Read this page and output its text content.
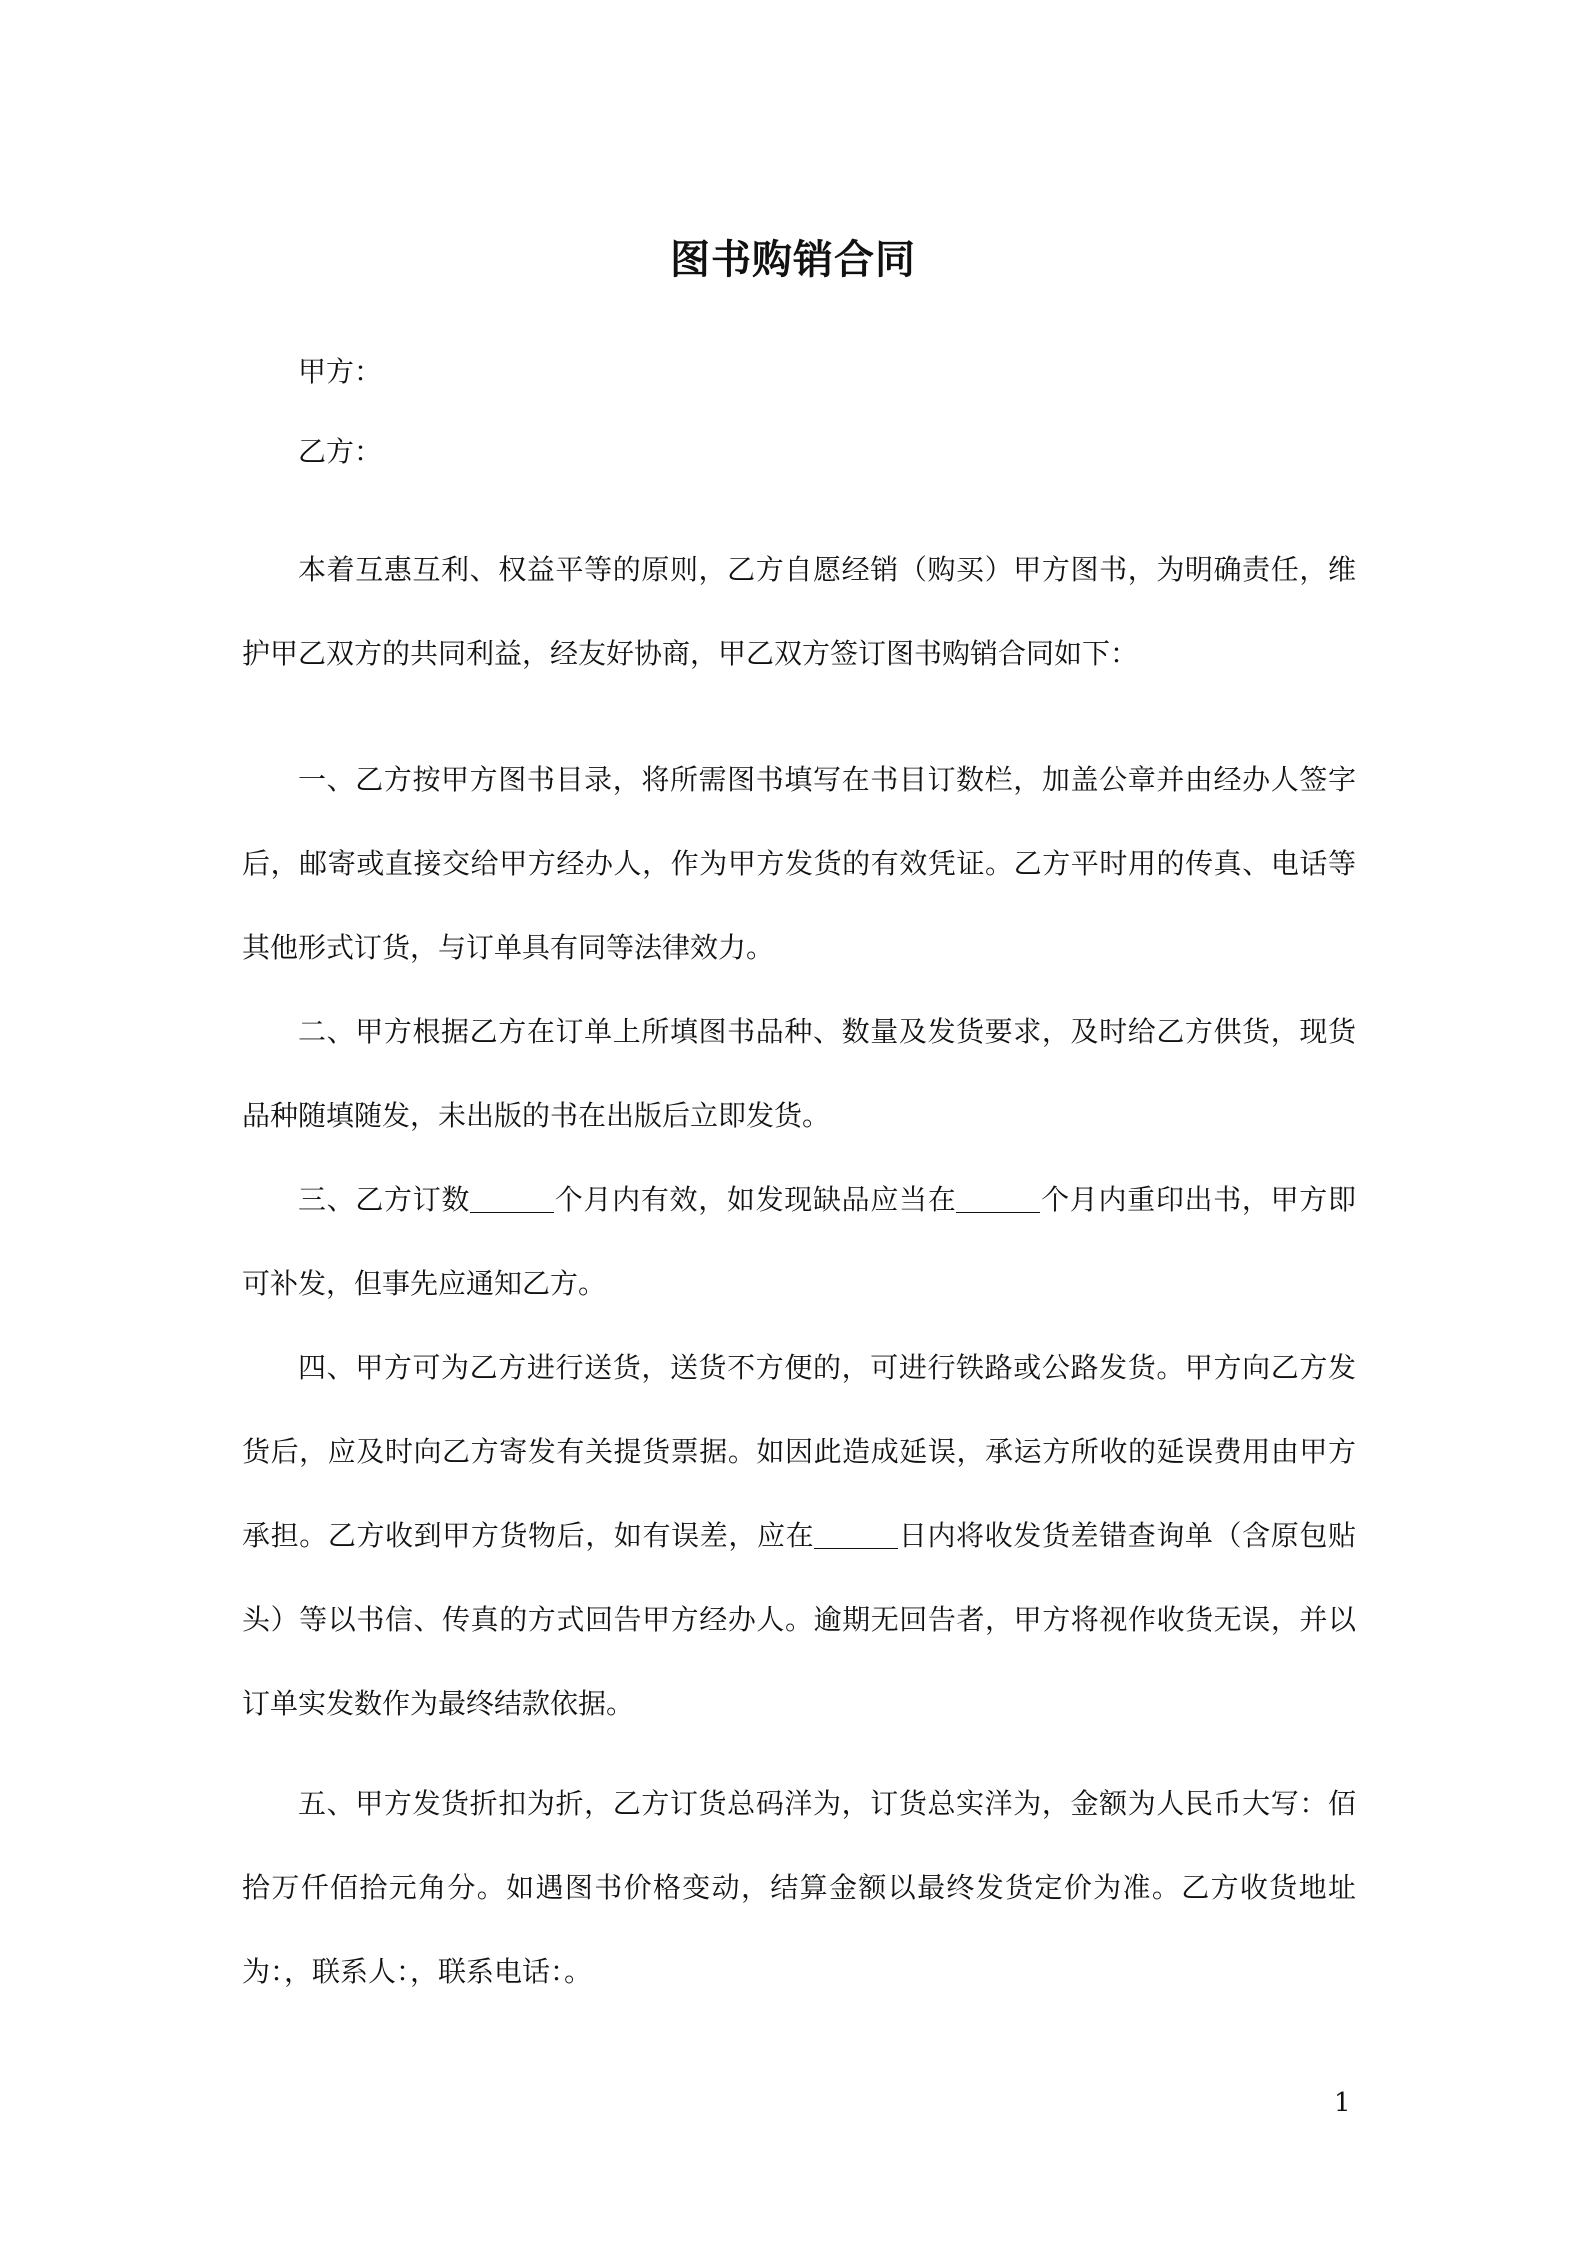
图书购销合同
甲方：
乙方：
本着互惠互利、权益平等的原则，乙方自愿经销（购买）甲方图书，为明确责任，维护甲乙双方的共同利益，经友好协商，甲乙双方签订图书购销合同如下：
一、乙方按甲方图书目录，将所需图书填写在书目订数栏，加盖公章并由经办人签字后，邮寄或直接交给甲方经办人，作为甲方发货的有效凭证。乙方平时用的传真、电话等其他形式订货，与订单具有同等法律效力。
二、甲方根据乙方在订单上所填图书品种、数量及发货要求，及时给乙方供货，现货品种随填随发，未出版的书在出版后立即发货。
三、乙方订数	个月内有效，如发现缺品应当在	个月内重印出书，甲方即可补发，但事先应通知乙方。
四、甲方可为乙方进行送货，送货不方便的，可进行铁路或公路发货。甲方向乙方发货后，应及时向乙方寄发有关提货票据。如因此造成延误，承运方所收的延误费用由甲方承担。乙方收到甲方货物后，如有误差，应在	日内将收发货差错查询单（含原包贴头）等以书信、传真的方式回告甲方经办人。逾期无回告者，甲方将视作收货无误，并以订单实发数作为最终结款依据。
五、甲方发货折扣为折，乙方订货总码洋为，订货总实洋为，金额为人民币大写：佰拾万仟佰拾元角分。如遇图书价格变动，结算金额以最终发货定价为准。乙方收货地址为：，联系人：，联系电话：。
1
